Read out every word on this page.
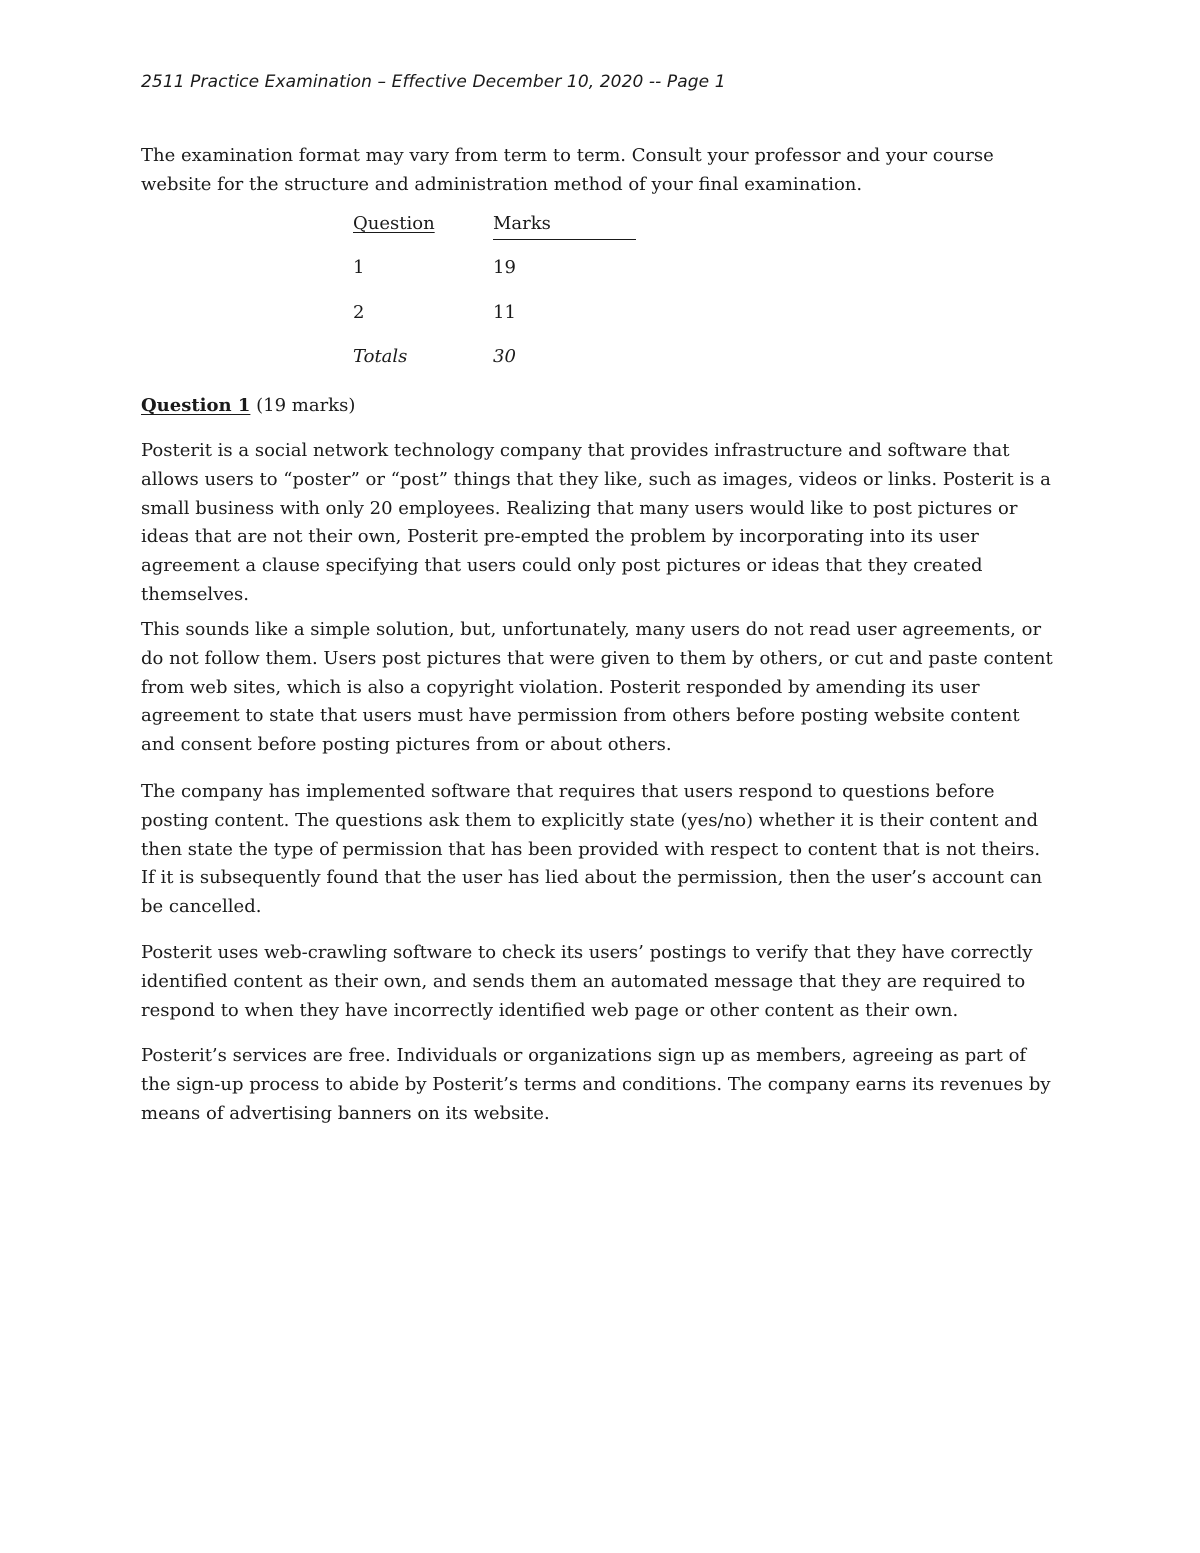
2511 Practice Examination – Effective December 10, 2020 -- Page 1
The examination format may vary from term to term. Consult your professor and your course website for the structure and administration method of your final examination.
Question	Marks

1	19
2	11
Totals	30
Question 1 (19 marks)

Posterit is a social network technology company that provides infrastructure and software that allows users to “poster” or “post” things that they like, such as images, videos or links. Posterit is a small business with only 20 employees. Realizing that many users would like to post pictures or ideas that are not their own, Posterit pre-empted the problem by incorporating into its user agreement a clause specifying that users could only post pictures or ideas that they created themselves.

This sounds like a simple solution, but, unfortunately, many users do not read user agreements, or do not follow them. Users post pictures that were given to them by others, or cut and paste content from web sites, which is also a copyright violation. Posterit responded by amending its user agreement to state that users must have permission from others before posting website content and consent before posting pictures from or about others.

The company has implemented software that requires that users respond to questions before posting content. The questions ask them to explicitly state (yes/no) whether it is their content and then state the type of permission that has been provided with respect to content that is not theirs. If it is subsequently found that the user has lied about the permission, then the user’s account can be cancelled.

Posterit uses web-crawling software to check its users’ postings to verify that they have correctly identified content as their own, and sends them an automated message that they are required to respond to when they have incorrectly identified web page or other content as their own.

Posterit’s services are free. Individuals or organizations sign up as members, agreeing as part of the sign-up process to abide by Posterit’s terms and conditions. The company earns its revenues by means of advertising banners on its website.
